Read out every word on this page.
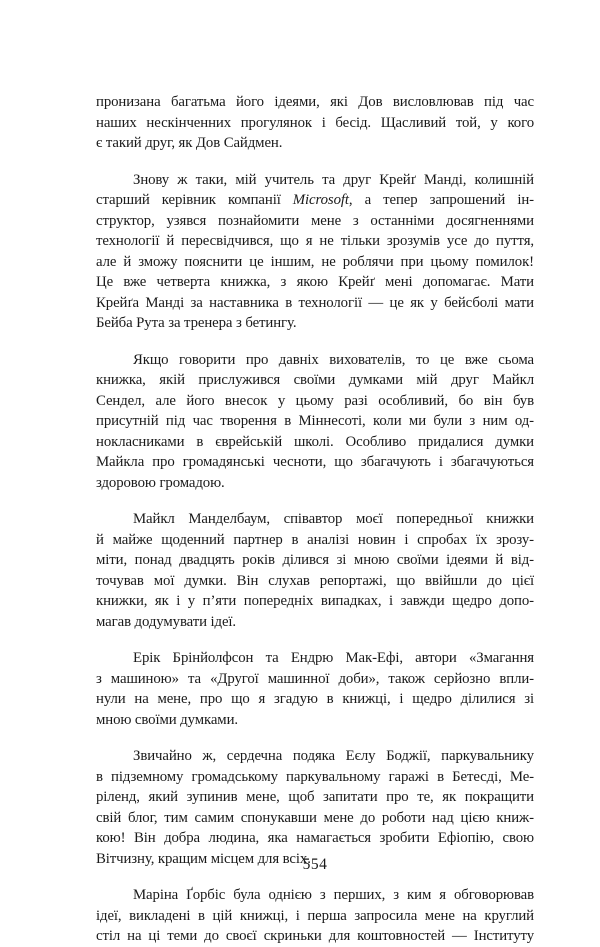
пронизана багатьма його ідеями, які Дов висловлював під час
наших нескінченних прогулянок і бесід. Щасливий той, у кого
є такий друг, як Дов Сайдмен.

Знову ж таки, мій учитель та друг Крейґ Манді, колишній
старший керівник компанії Microsoft, а тепер запрошений ін-
структор, узявся познайомити мене з останніми досягненнями
технології й пересвідчився, що я не тільки зрозумів усе до пуття,
але й зможу пояснити це іншим, не роблячи при цьому помилок!
Це вже четверта книжка, з якою Крейґ мені допомагає. Мати
Крейґа Манді за наставника в технології — це як у бейсболі мати
Бейба Рута за тренера з бетингу.

Якщо говорити про давніх вихователів, то це вже сьома
книжка, якій прислужився своїми думками мій друг Майкл
Сендел, але його внесок у цьому разі особливий, бо він був
присутній під час творення в Міннесоті, коли ми були з ним од-
нокласниками в єврейській школі. Особливо придалися думки
Майкла про громадянські чесноти, що збагачують і збагачуються
здоровою громадою.

Майкл Манделбаум, співавтор моєї попередньої книжки
й майже щоденний партнер в аналізі новин і спробах їх зрозу-
міти, понад двадцять років ділився зі мною своїми ідеями й від-
точував мої думки. Він слухав репортажі, що ввійшли до цієї
книжки, як і у п’яти попередніх випадках, і завжди щедро допо-
магав додумувати ідеї.

Ерік Брінйолфсон та Ендрю Мак-Ефі, автори «Змагання
з машиною» та «Другої машинної доби», також серйозно впли-
нули на мене, про що я згадую в книжці, і щедро ділилися зі
мною своїми думками.

Звичайно ж, сердечна подяка Еєлу Боджії, паркувальнику
в підземному громадському паркувальному гаражі в Бетесді, Ме-
ріленд, який зупинив мене, щоб запитати про те, як покращити
свій блог, тим самим спонукавши мене до роботи над цією книж-
кою! Він добра людина, яка намагається зробити Ефіопію, свою
Вітчизну, кращим місцем для всіх.

Маріна Ґорбіс була однією з перших, з ким я обговорював
ідеї, викладені в цій книжці, і перша запросила мене на круглий
стіл на ці теми до своєї скриньки для коштовностей — Інституту

554
